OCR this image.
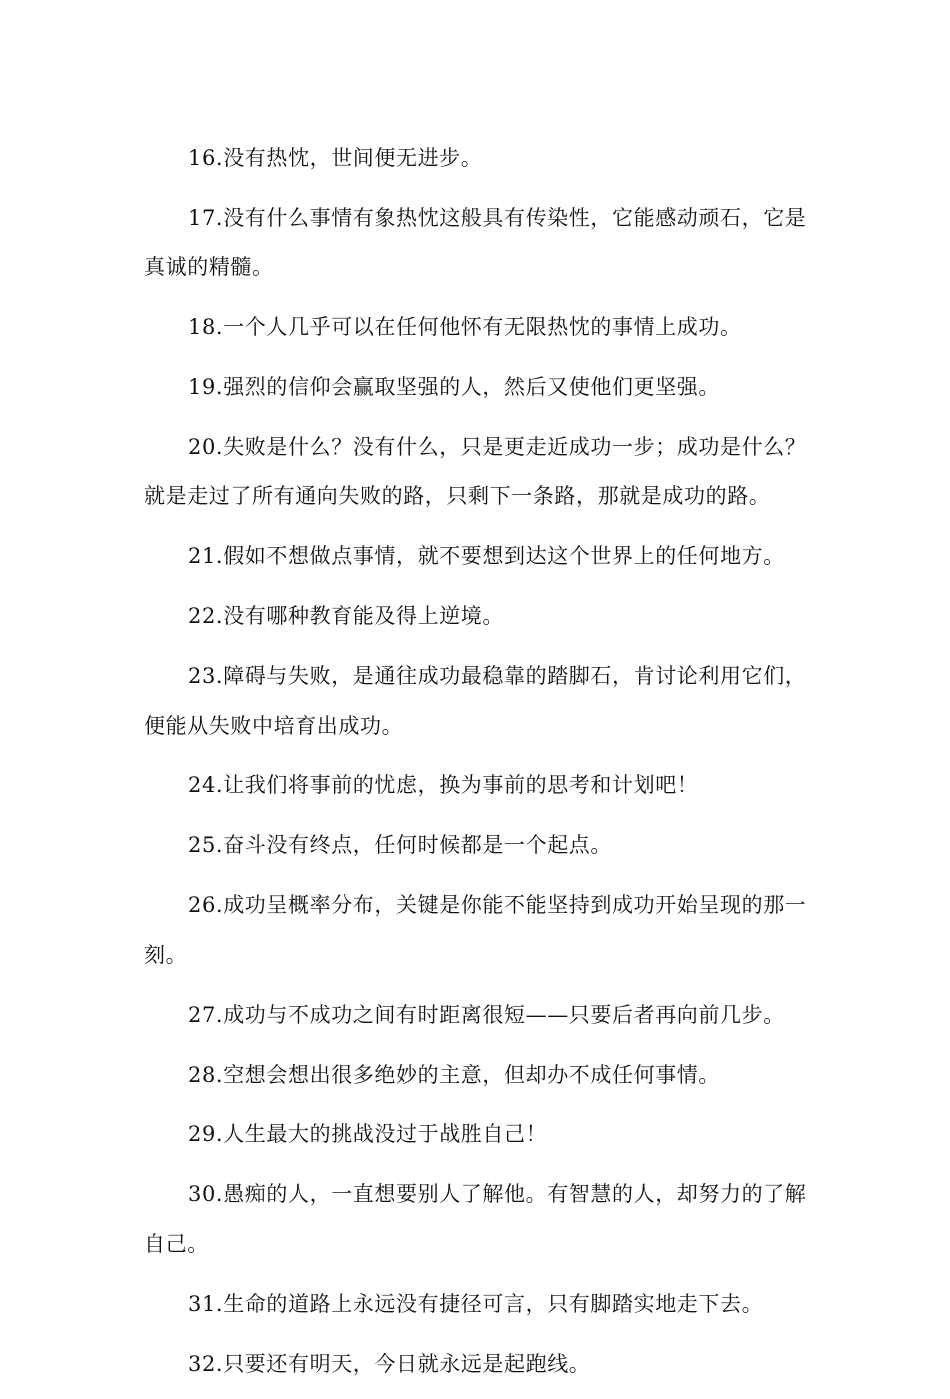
16.没有热忱，世间便无进步。

17.没有什么事情有象热忱这般具有传染性，它能感动顽石，它是真诚的精髓。

18.一个人几乎可以在任何他怀有无限热忱的事情上成功。

19.强烈的信仰会赢取坚强的人，然后又使他们更坚强。

20.失败是什么？没有什么，只是更走近成功一步；成功是什么？就是走过了所有通向失败的路，只剩下一条路，那就是成功的路。

21.假如不想做点事情，就不要想到达这个世界上的任何地方。

22.没有哪种教育能及得上逆境。

23.障碍与失败，是通往成功最稳靠的踏脚石，肯讨论利用它们，便能从失败中培育出成功。

24.让我们将事前的忧虑，换为事前的思考和计划吧！

25.奋斗没有终点，任何时候都是一个起点。

26.成功呈概率分布，关键是你能不能坚持到成功开始呈现的那一刻。

27.成功与不成功之间有时距离很短——只要后者再向前几步。

28.空想会想出很多绝妙的主意，但却办不成任何事情。

29.人生最大的挑战没过于战胜自己！

30.愚痴的人，一直想要别人了解他。有智慧的人，却努力的了解自己。

31.生命的道路上永远没有捷径可言，只有脚踏实地走下去。

32.只要还有明天，今日就永远是起跑线。
